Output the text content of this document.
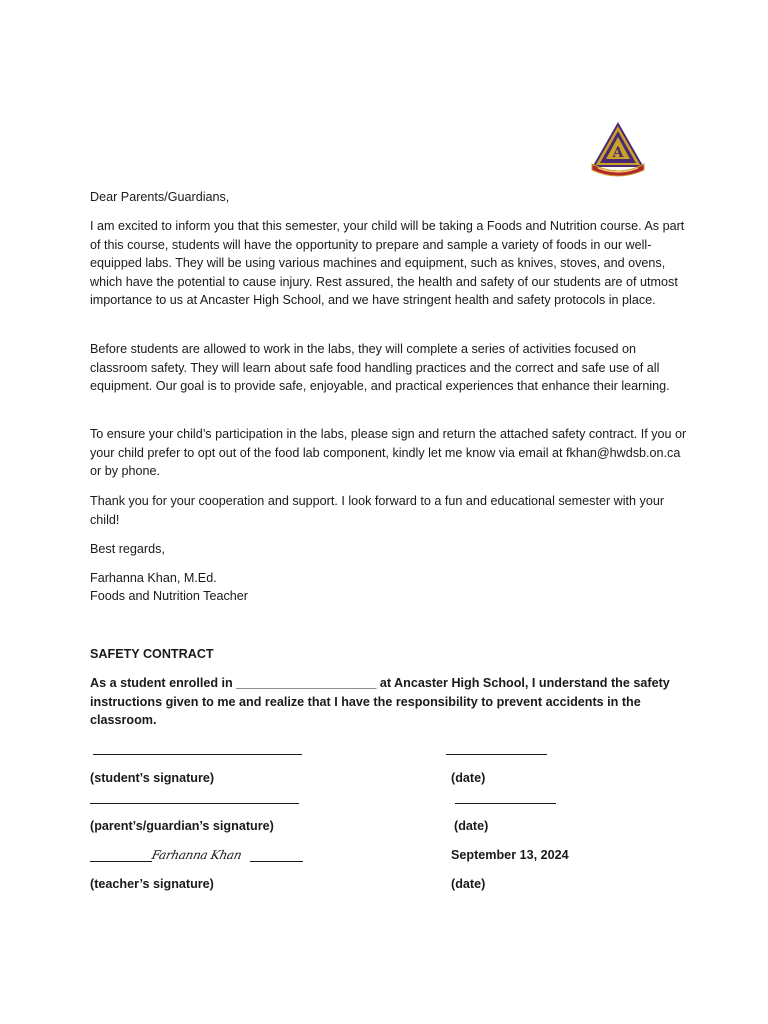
A

Dear Parents/Guardians,

I am excited to inform you that this semester, your child will be taking a Foods and Nutrition course. As part of this course, students will have the opportunity to prepare and sample a variety of foods in our well-equipped labs. They will be using various machines and equipment, such as knives, stoves, and ovens, which have the potential to cause injury. Rest assured, the health and safety of our students are of utmost importance to us at Ancaster High School, and we have stringent health and safety protocols in place.

Before students are allowed to work in the labs, they will complete a series of activities focused on classroom safety. They will learn about safe food handling practices and the correct and safe use of all equipment. Our goal is to provide safe, enjoyable, and practical experiences that enhance their learning.

To ensure your child’s participation in the labs, please sign and return the attached safety contract. If you or your child prefer to opt out of the food lab component, kindly let me know via email at fkhan@hwdsb.on.ca or by phone.

Thank you for your cooperation and support. I look forward to a fun and educational semester with your child!

Best regards,

Farhanna Khan, M.Ed.

Foods and Nutrition Teacher

SAFETY CONTRACT

As a student enrolled in ____________________ at Ancaster High School, I understand the safety instructions given to me and realize that I have the responsibility to prevent accidents in the classroom.

(student’s signature)	(date)
(parent’s/guardian’s signature)	(date)
Farhanna Khan	September 13, 2024
(teacher’s signature)	(date)
